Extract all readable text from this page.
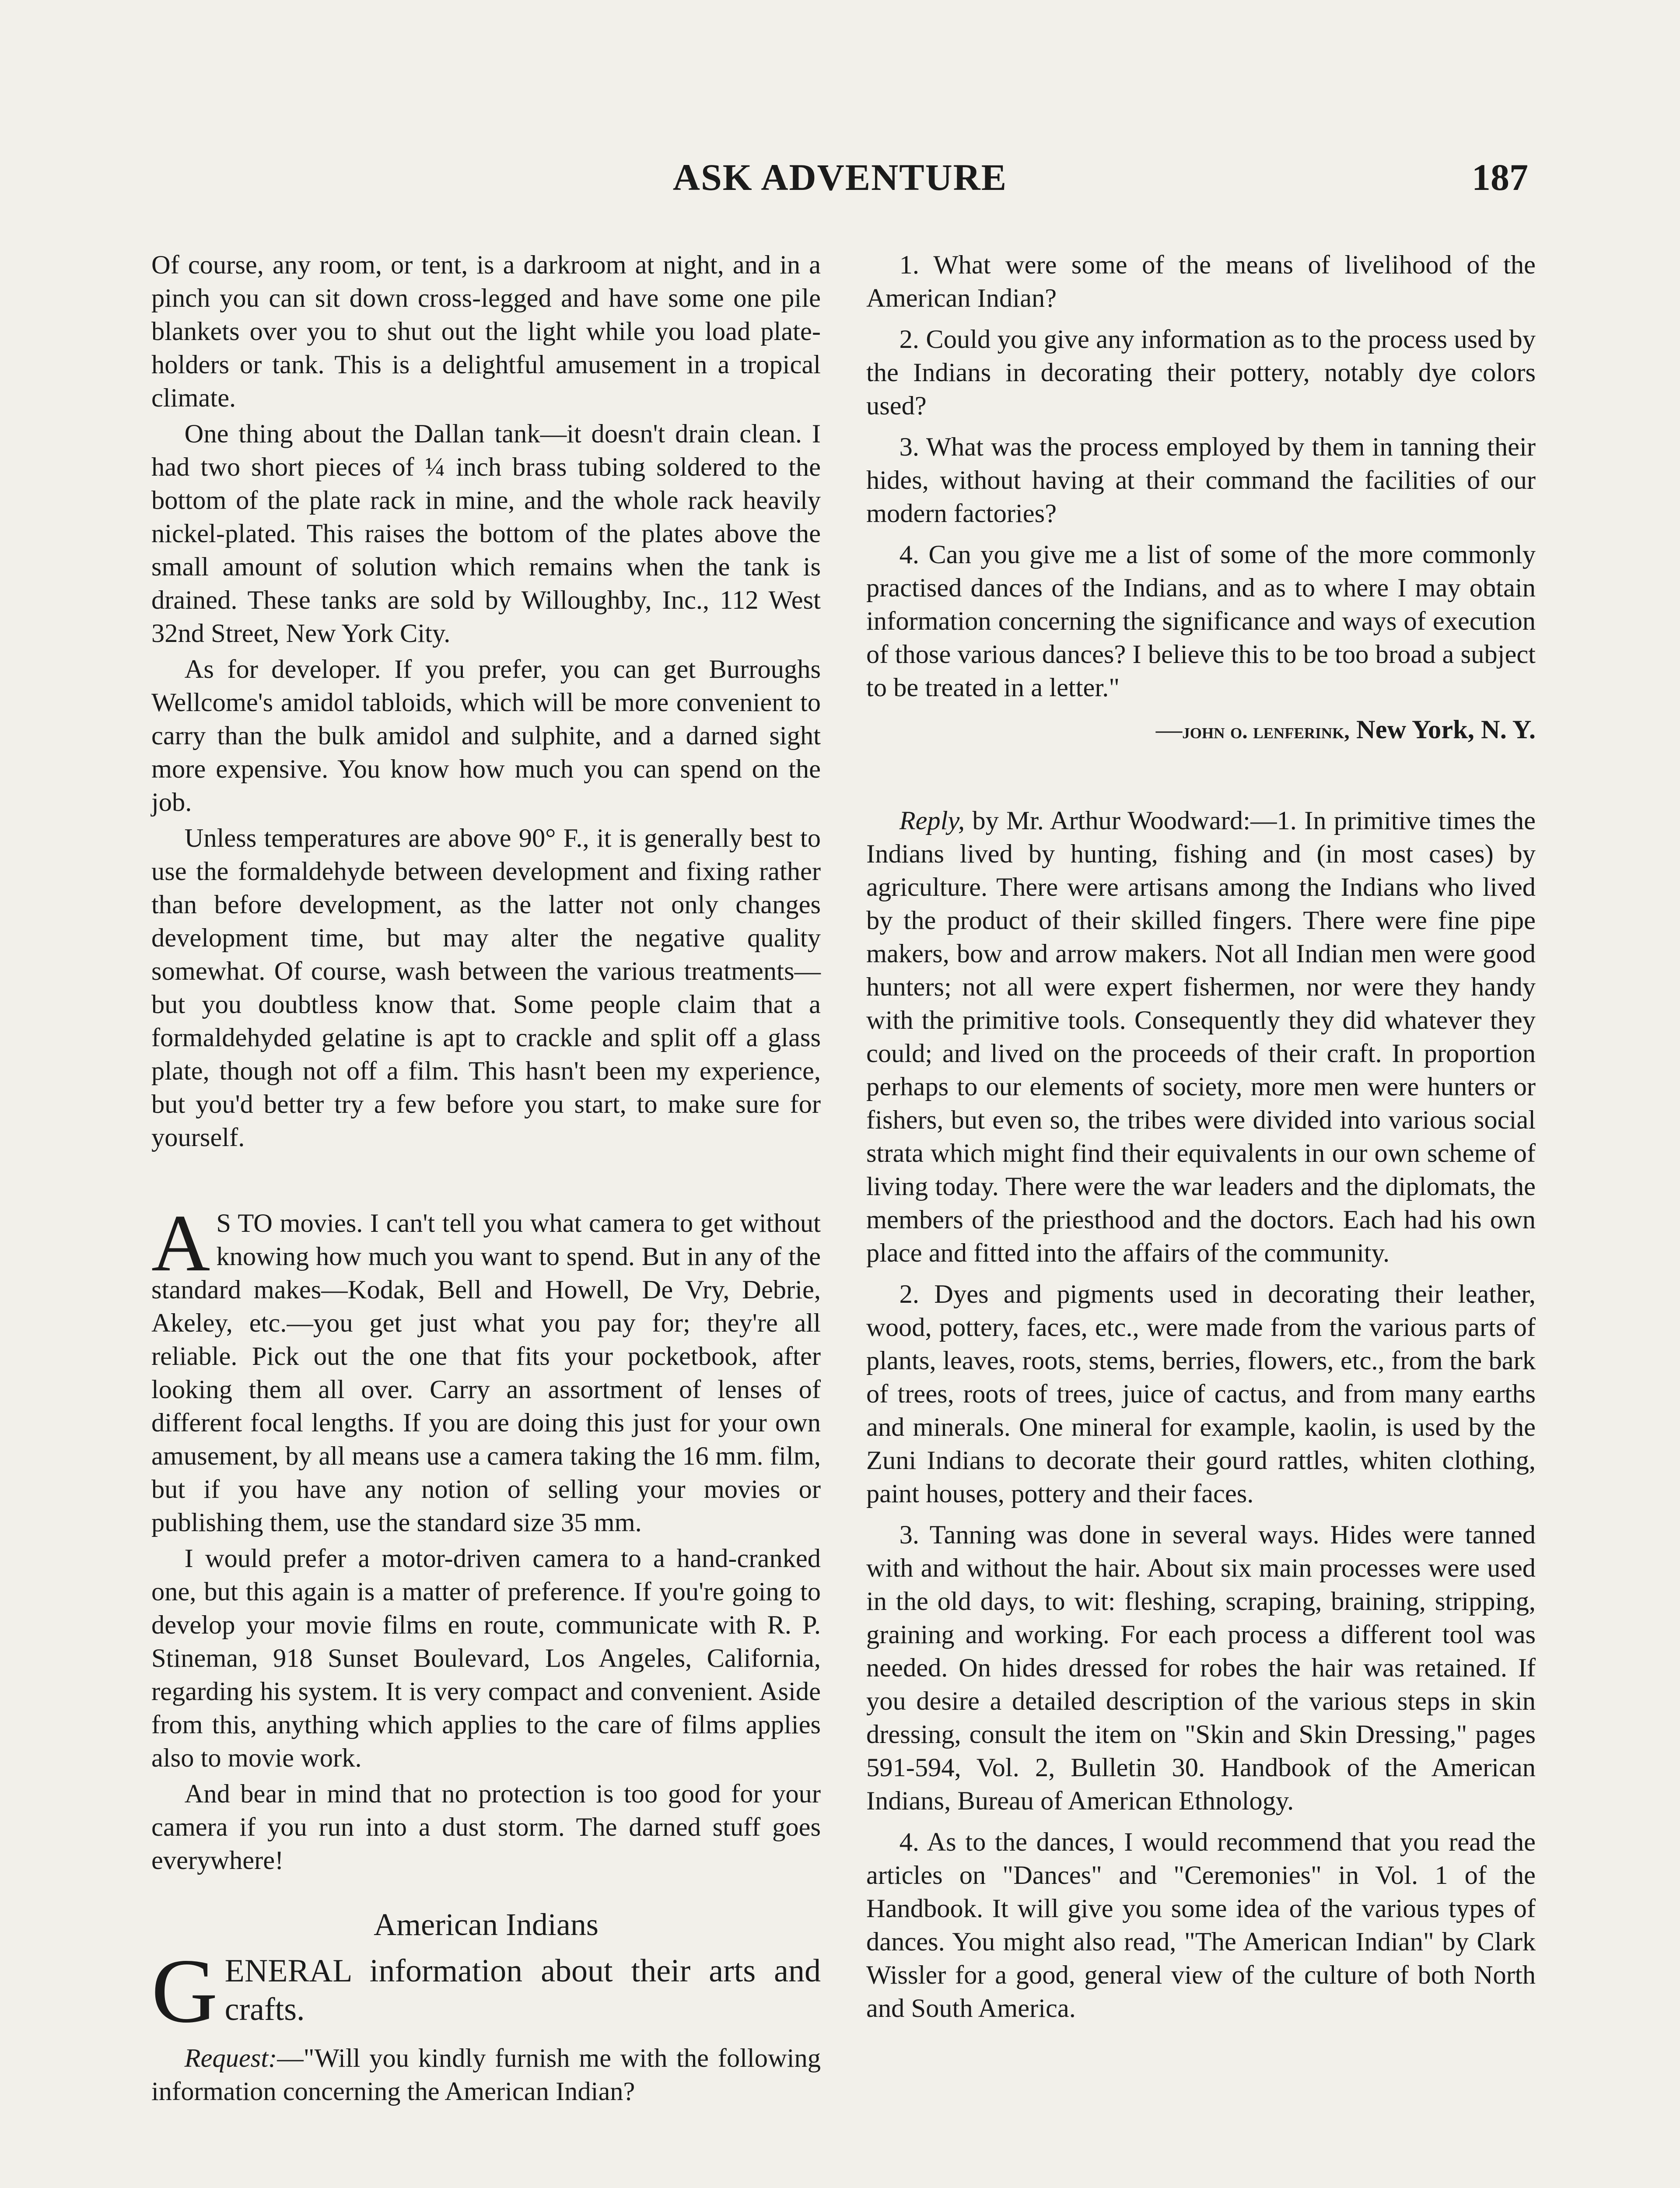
ASK ADVENTURE	187

Of course, any room, or tent, is a darkroom at night, and in a pinch you can sit down cross-legged and have some one pile blankets over you to shut out the light while you load plate-holders or tank. This is a delightful amusement in a tropical climate.

One thing about the Dallan tank—it doesn't drain clean. I had two short pieces of ¼ inch brass tubing soldered to the bottom of the plate rack in mine, and the whole rack heavily nickel-plated. This raises the bottom of the plates above the small amount of solution which remains when the tank is drained. These tanks are sold by Willoughby, Inc., 112 West 32nd Street, New York City.

As for developer. If you prefer, you can get Burroughs Wellcome's amidol tabloids, which will be more convenient to carry than the bulk amidol and sulphite, and a darned sight more expensive. You know how much you can spend on the job.

Unless temperatures are above 90° F., it is generally best to use the formaldehyde between development and fixing rather than before development, as the latter not only changes development time, but may alter the negative quality somewhat. Of course, wash between the various treatments—but you doubtless know that. Some people claim that a formaldehyded gelatine is apt to crackle and split off a glass plate, though not off a film. This hasn't been my experience, but you'd better try a few before you start, to make sure for yourself.

A S TO movies. I can't tell you what camera to get without knowing how much you want to spend. But in any of the standard makes—Kodak, Bell and Howell, De Vry, Debrie, Akeley, etc.—you get just what you pay for; they're all reliable. Pick out the one that fits your pocketbook, after looking them all over. Carry an assortment of lenses of different focal lengths. If you are doing this just for your own amusement, by all means use a camera taking the 16 mm. film, but if you have any notion of selling your movies or publishing them, use the standard size 35 mm.

I would prefer a motor-driven camera to a hand-cranked one, but this again is a matter of preference. If you're going to develop your movie films en route, communicate with R. P. Stineman, 918 Sunset Boulevard, Los Angeles, California, regarding his system. It is very compact and convenient. Aside from this, anything which applies to the care of films applies also to movie work.

And bear in mind that no protection is too good for your camera if you run into a dust storm. The darned stuff goes everywhere!

American Indians

GENERAL information about their arts and crafts.

Request:—"Will you kindly furnish me with the following information concerning the American Indian?

1. What were some of the means of livelihood of the American Indian?

2. Could you give any information as to the process used by the Indians in decorating their pottery, notably dye colors used?

3. What was the process employed by them in tanning their hides, without having at their command the facilities of our modern factories?

4. Can you give me a list of some of the more commonly practised dances of the Indians, and as to where I may obtain information concerning the significance and ways of execution of those various dances? I believe this to be too broad a subject to be treated in a letter."

—john o. lenferink, New York, N. Y.

Reply, by Mr. Arthur Woodward:—1. In primitive times the Indians lived by hunting, fishing and (in most cases) by agriculture. There were artisans among the Indians who lived by the product of their skilled fingers. There were fine pipe makers, bow and arrow makers. Not all Indian men were good hunters; not all were expert fishermen, nor were they handy with the primitive tools. Consequently they did whatever they could; and lived on the proceeds of their craft. In proportion perhaps to our elements of society, more men were hunters or fishers, but even so, the tribes were divided into various social strata which might find their equivalents in our own scheme of living today. There were the war leaders and the diplomats, the members of the priesthood and the doctors. Each had his own place and fitted into the affairs of the community.

2. Dyes and pigments used in decorating their leather, wood, pottery, faces, etc., were made from the various parts of plants, leaves, roots, stems, berries, flowers, etc., from the bark of trees, roots of trees, juice of cactus, and from many earths and minerals. One mineral for example, kaolin, is used by the Zuni Indians to decorate their gourd rattles, whiten clothing, paint houses, pottery and their faces.

3. Tanning was done in several ways. Hides were tanned with and without the hair. About six main processes were used in the old days, to wit: fleshing, scraping, braining, stripping, graining and working. For each process a different tool was needed. On hides dressed for robes the hair was retained. If you desire a detailed description of the various steps in skin dressing, consult the item on "Skin and Skin Dressing," pages 591-594, Vol. 2, Bulletin 30. Handbook of the American Indians, Bureau of American Ethnology.

4. As to the dances, I would recommend that you read the articles on "Dances" and "Ceremonies" in Vol. 1 of the Handbook. It will give you some idea of the various types of dances. You might also read, "The American Indian" by Clark Wissler for a good, general view of the culture of both North and South America.
